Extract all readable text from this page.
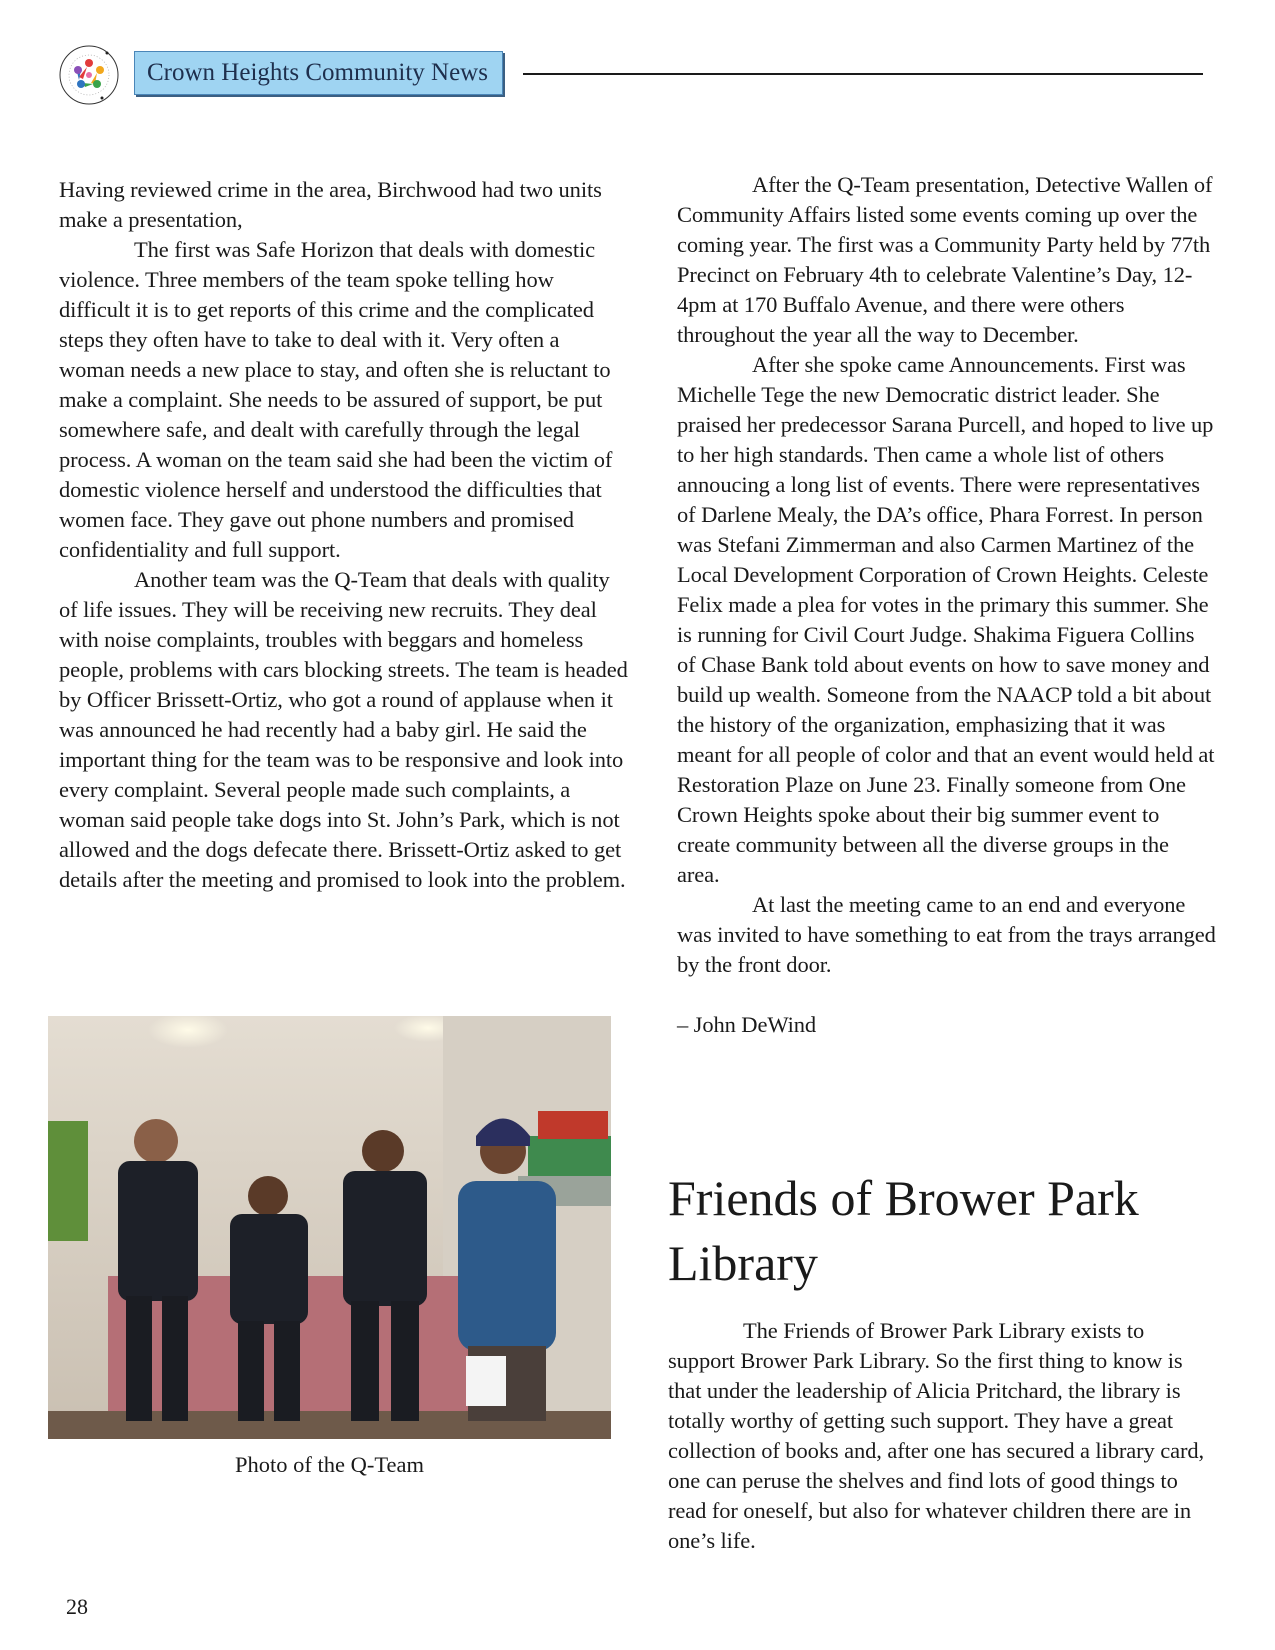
Crown Heights Community News

Having reviewed crime in the area, Birchwood had two units make a presentation,

The first was Safe Horizon that deals with domestic violence. Three members of the team spoke telling how difficult it is to get reports of this crime and the complicated steps they often have to take to deal with it. Very often a woman needs a new place to stay, and often she is reluctant to make a complaint. She needs to be assured of support, be put somewhere safe, and dealt with carefully through the legal process. A woman on the team said she had been the victim of domestic violence herself and understood the difficulties that women face. They gave out phone numbers and promised confidentiality and full support.

Another team was the Q-Team that deals with quality of life issues. They will be receiving new recruits. They deal with noise complaints, troubles with beggars and homeless people, problems with cars blocking streets. The team is headed by Officer Brissett-Ortiz, who got a round of applause when it was announced he had recently had a baby girl. He said the important thing for the team was to be responsive and look into every complaint. Several people made such complaints, a woman said people take dogs into St. John’s Park, which is not allowed and the dogs defecate there. Brissett-Ortiz asked to get details after the meeting and promised to look into the problem.

Photo of the Q-Team

After the Q-Team presentation, Detective Wallen of Community Affairs listed some events coming up over the coming year. The first was a Community Party held by 77th Precinct on February 4th to celebrate Valentine’s Day, 12-4pm at 170 Buffalo Avenue, and there were others throughout the year all the way to December.

After she spoke came Announcements. First was Michelle Tege the new Democratic district leader. She praised her predecessor Sarana Purcell, and hoped to live up to her high standards. Then came a whole list of others annoucing a long list of events. There were representatives of Darlene Mealy, the DA’s office, Phara Forrest. In person was Stefani Zimmerman and also Carmen Martinez of the Local Development Corporation of Crown Heights. Celeste Felix made a plea for votes in the primary this summer. She is running for Civil Court Judge. Shakima Figuera Collins of Chase Bank told about events on how to save money and build up wealth. Someone from the NAACP told a bit about the history of the organization, emphasizing that it was meant for all people of color and that an event would held at Restoration Plaze on June 23. Finally someone from One Crown Heights spoke about their big summer event to create community between all the diverse groups in the area.

At last the meeting came to an end and everyone was invited to have something to eat from the trays arranged by the front door.

– John DeWind

Friends of Brower Park Library

The Friends of Brower Park Library exists to support Brower Park Library. So the first thing to know is that under the leadership of Alicia Pritchard, the library is totally worthy of getting such support. They have a great collection of books and, after one has secured a library card, one can peruse the shelves and find lots of good things to read for oneself, but also for whatever children there are in one’s life.

28
